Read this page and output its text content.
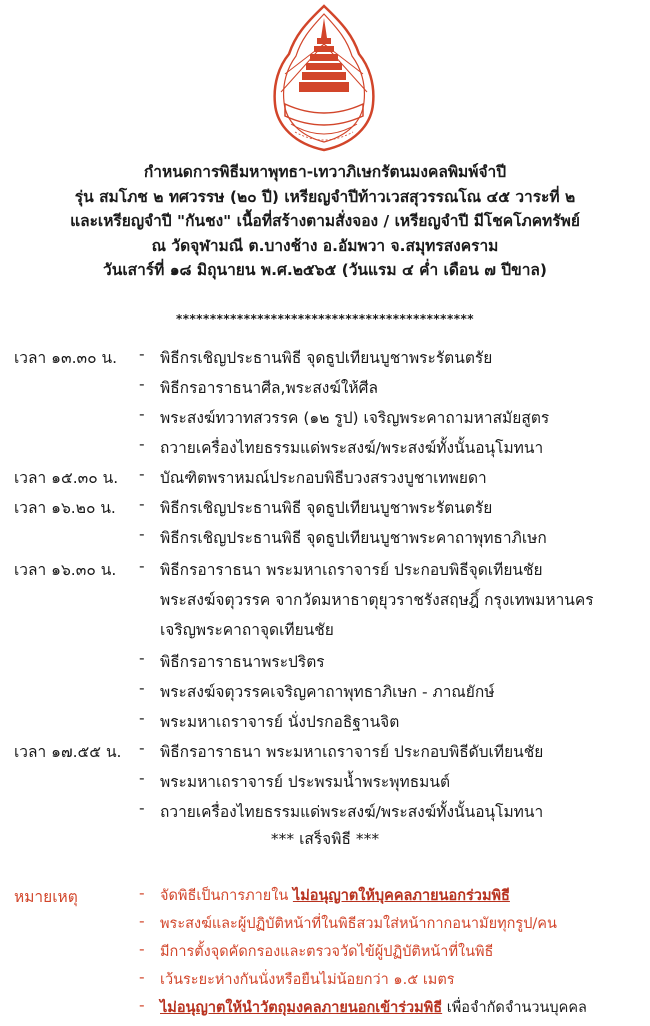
กำหนดการพิธีมหาพุทธา-เทวาภิเษกรัตนมงคลพิมพ์จำปี
รุ่น สมโภช ๒ ทศวรรษ (๒๐ ปี) เหรียญจำปีท้าวเวสสุวรรณโณ ๔๕ วาระที่ ๒
และเหรียญจำปี "กันชง" เนื้อที่สร้างตามสั่งจอง / เหรียญจำปี มีโชคโภคทรัพย์
ณ วัดจุฬามณี ต.บางช้าง อ.อัมพวา จ.สมุทรสงคราม
วันเสาร์ที่ ๑๘ มิถุนายน พ.ศ.๒๕๖๕ (วันแรม ๔ ค่ำ เดือน ๗ ปีขาล)
********************************************
เวลา ๑๓.๓๐ น. - พิธีกรเชิญประธานพิธี จุดธูปเทียนบูชาพระรัตนตรัย
- พิธีกรอาราธนาศีล,พระสงฆ์ให้ศีล
- พระสงฆ์ทวาทสวรรค (๑๒ รูป) เจริญพระคาถามหาสมัยสูตร
- ถวายเครื่องไทยธรรมแด่พระสงฆ์/พระสงฆ์ทั้งนั้นอนุโมทนา
เวลา ๑๕.๓๐ น. - บัณฑิตพราหมณ์ประกอบพิธีบวงสรวงบูชาเทพยดา
เวลา ๑๖.๒๐ น. - พิธีกรเชิญประธานพิธี จุดธูปเทียนบูชาพระรัตนตรัย
- พิธีกรเชิญประธานพิธี จุดธูปเทียนบูชาพระคาถาพุทธาภิเษก
เวลา ๑๖.๓๐ น. - พิธีกรอาราธนา พระมหาเถราจารย์ ประกอบพิธีจุดเทียนชัย
พระสงฆ์จตุวรรค จากวัดมหาธาตุยุวราชรังสฤษฎิ์ กรุงเทพมหานคร
เจริญพระคาถาจุดเทียนชัย
- พิธีกรอาราธนาพระปริตร
- พระสงฆ์จตุวรรคเจริญคาถาพุทธาภิเษก - ภาณยักษ์
- พระมหาเถราจารย์ นั่งปรกอธิฐานจิต
เวลา ๑๗.๕๕ น. - พิธีกรอาราธนา พระมหาเถราจารย์ ประกอบพิธีดับเทียนชัย
- พระมหาเถราจารย์ ประพรมน้ำพระพุทธมนต์
- ถวายเครื่องไทยธรรมแด่พระสงฆ์/พระสงฆ์ทั้งนั้นอนุโมทนา
*** เสร็จพิธี ***
หมายเหตุ	- จัดพิธีเป็นการภายใน ไม่อนุญาตให้บุคคลภายนอกร่วมพิธี
- พระสงฆ์และผู้ปฏิบัติหน้าที่ในพิธีสวมใส่หน้ากากอนามัยทุกรูป/คน
- มีการตั้งจุดคัดกรองและตรวจวัดไข้ผู้ปฏิบัติหน้าที่ในพิธี
- เว้นระยะห่างกันนั่งหรือยืนไม่น้อยกว่า ๑.๕ เมตร
- ไม่อนุญาตให้นำวัตถุมงคลภายนอกเข้าร่วมพิธี เพื่อจำกัดจำนวนบุคคล
